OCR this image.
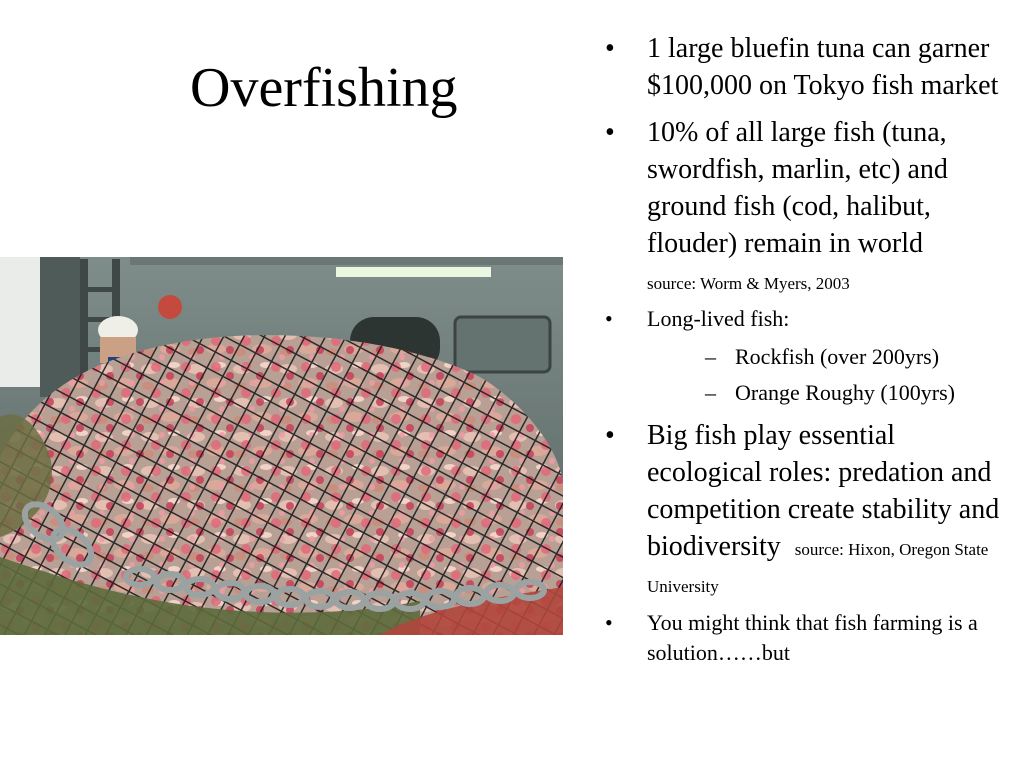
Overfishing
• 1 large bluefin tuna can garner $100,000 on Tokyo fish market
• 10% of all large fish (tuna, swordfish, marlin, etc) and ground fish (cod, halibut, flouder) remain in world
source: Worm & Myers, 2003
• Long-lived fish:
– Rockfish (over 200yrs)
– Orange Roughy (100yrs)
• Big fish play essential ecological roles: predation and competition create stability and biodiversity source: Hixon, Oregon State University
• You might think that fish farming is a solution……but
